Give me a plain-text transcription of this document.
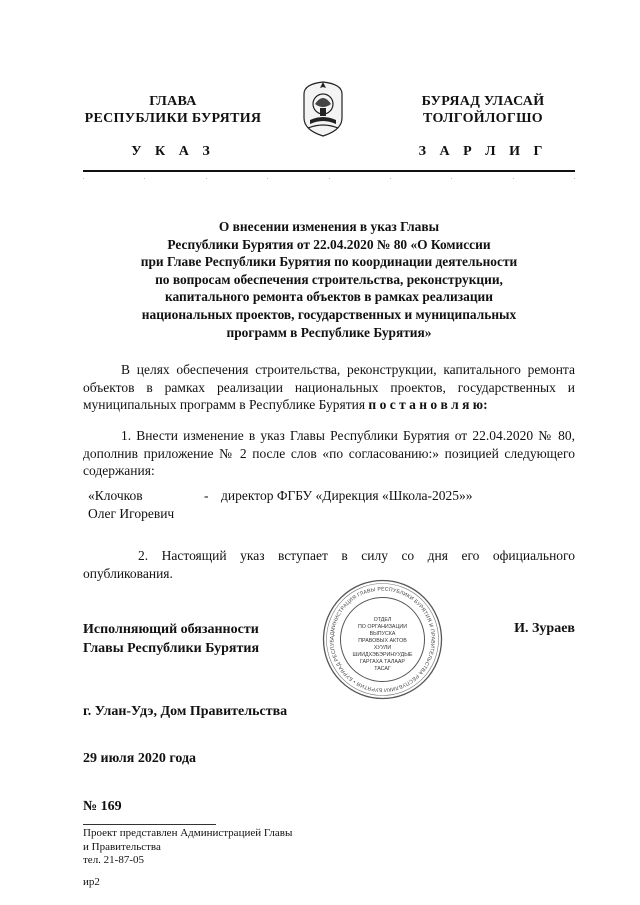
ГЛАВА
РЕСПУБЛИКИ БУРЯТИЯ
БУРЯАД УЛАСАЙ
ТОЛГОЙЛОГШО
У К А З	З А Р Л И Г
О внесении изменения в указ Главы
Республики Бурятия от 22.04.2020 № 80 «О Комиссии
при Главе Республики Бурятия по координации деятельности
по вопросам обеспечения строительства, реконструкции,
капитального ремонта объектов в рамках реализации
национальных проектов, государственных и муниципальных
программ в Республике Бурятия»
В целях обеспечения строительства, реконструкции, капитального ремонта объектов в рамках реализации национальных проектов, государственных и муниципальных программ в Республике Бурятия п о с т а н о в л я ю:
1. Внести изменение в указ Главы Республики Бурятия от 22.04.2020 № 80, дополнив приложение № 2 после слов «по согласованию:» позицией следующего содержания:
«Клочков
Олег Игоревич
- директор ФГБУ «Дирекция «Школа-2025»»
2. Настоящий указ вступает в силу со дня его официального опубликования.
АДМИНИСТРАЦИЯ ГЛАВЫ РЕСПУБЛИКИ БУРЯТИЯ И ПРАВИТЕЛЬСТВА РЕСПУБЛИКИ БУРЯТИЯ • БУРЯАД РЕСПУБ
ОТДЕЛ
ПО ОРГАНИЗАЦИИ
ВЫПУСКА
ПРАВОВЫХ АКТОВ
ХУУЛИ
ШИИДХЭБЭРИНУУДЫЕ
ГАРГАХА ТАЛААР
ТАСАГ
Исполняющий обязанности
Главы Республики Бурятия
И. Зураев
г. Улан-Удэ, Дом Правительства
29 июля 2020 года
№ 169
Проект представлен Администрацией Главы
и Правительства
тел. 21-87-05
ир2
